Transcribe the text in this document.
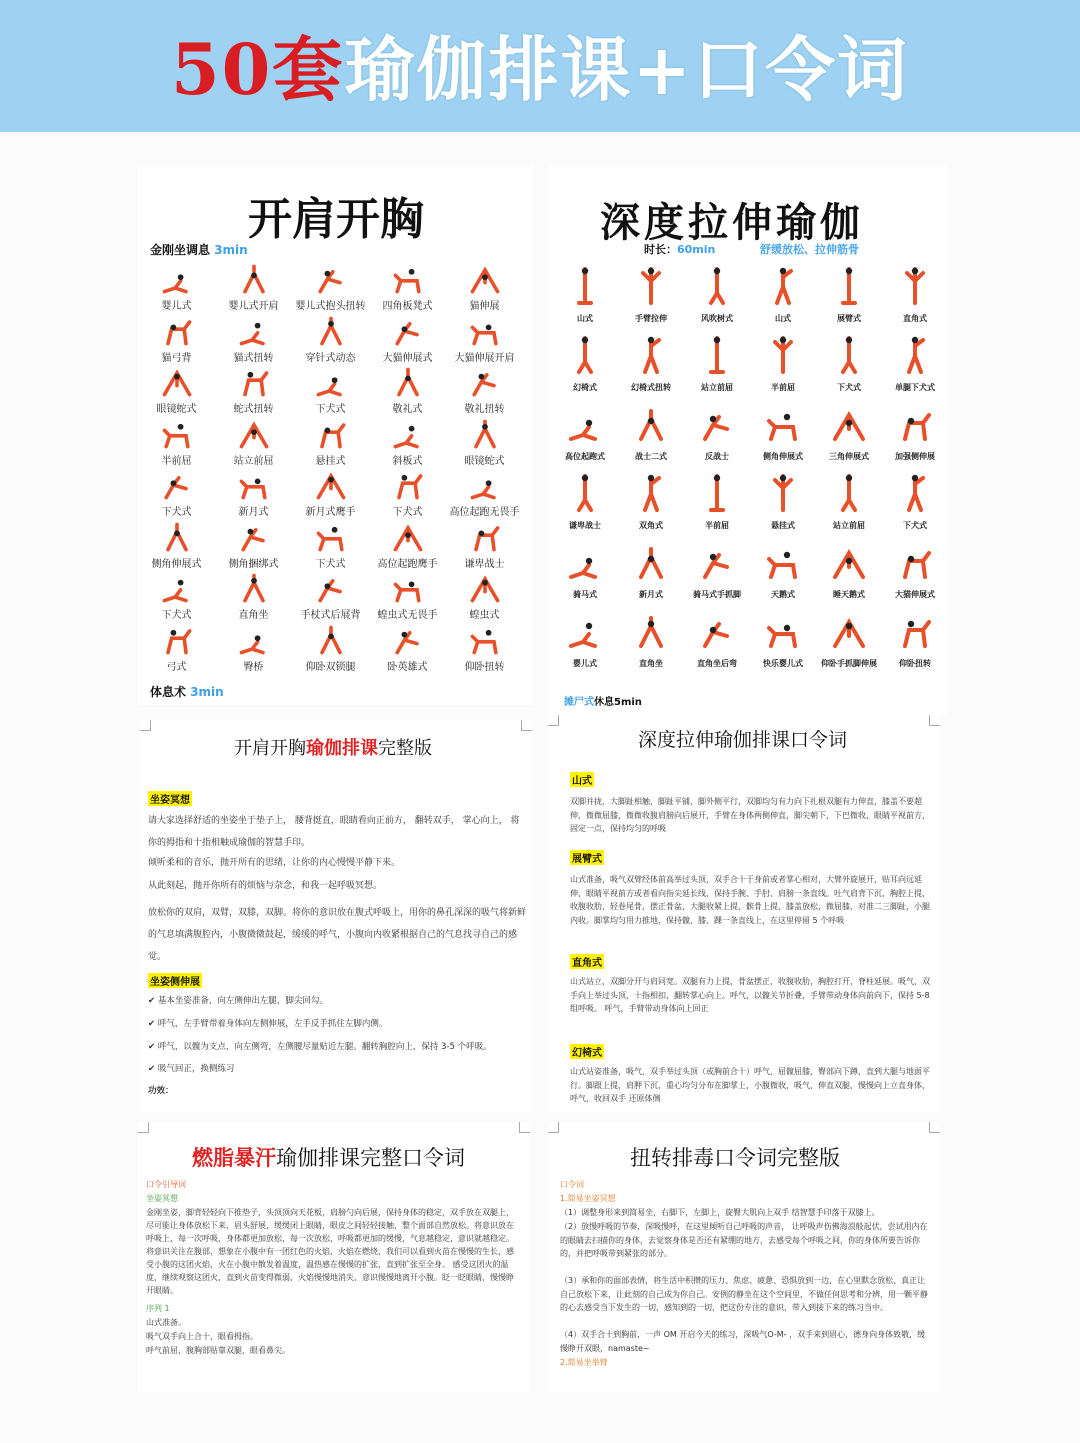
50套瑜伽排课+口令词
开肩开胸
金刚坐调息 3min
婴儿式	婴儿式开肩	婴儿式抱头扭转	四角板凳式	猫伸展
猫弓背	猫式扭转	穿针式动态	大猫伸展式	大猫伸展开肩
眼镜蛇式	蛇式扭转	下犬式	敬礼式	敬礼扭转
半前屈	站立前屈	悬挂式	斜板式	眼镜蛇式
下犬式	新月式	新月式鹰手	下犬式	高位起跑无畏手
侧角伸展式	侧角捆绑式	下犬式	高位起跑鹰手	谦卑战士
下犬式	直角坐	手杖式后展背	蝗虫式无畏手	蝗虫式
弓式	臀桥	仰卧双锁腿	卧英雄式	仰卧扭转
体息术 3min
深度拉伸瑜伽
时长：60min	舒缓放松、拉伸筋骨
山式	手臂拉伸	风吹树式	山式	展臂式	直角式
幻椅式	幻椅式扭转	站立前屈	半前屈	下犬式	单腿下犬式
高位起跑式	战士二式	反战士	侧角伸展式	三角伸展式	加强侧伸展
谦卑战士	双角式	半前屈	悬挂式	站立前屈	下犬式
骑马式	新月式	骑马式手抓脚	天鹅式	睡天鹅式	大猫伸展式
婴儿式	直角坐	直角坐后弯	快乐婴儿式	仰卧手抓脚伸展	仰卧扭转
摊尸式休息5min
开肩开胸瑜伽排课完整版
坐姿冥想
请大家选择舒适的坐姿坐于垫子上， 腰背挺直，眼睛看向正前方， 翻转双手， 掌心向上， 将你的拇指和十指相触成瑜伽的智慧手印。
倾听柔和的音乐，抛开所有的思绪，让你的内心慢慢平静下来。
从此刻起，抛开你所有的烦恼与杂念，和我一起呼吸冥想。
放松你的双肩，双臂，双膝，双脚。将你的意识放在腹式呼吸上，用你的鼻孔深深的吸气将新鲜的气息填满腹腔内，小腹微微鼓起，缓缓的呼气，小腹向内收紧根据自己的气息找寻自己的感觉。
坐姿侧伸展
✔ 基本坐姿准备，向左侧伸出左腿，脚尖回勾。
✔ 呼气，左手臂带着身体向左侧伸展，左手反手抓住左脚内侧。
✔ 呼气，以髋为支点，向左侧弯，左侧腰尽量贴近左腿。翻转胸腔向上，保持 3-5 个呼吸。
✔ 吸气回正，换侧练习
功效：
深度拉伸瑜伽排课口令词
山式
双脚并拢，大脚趾相触，脚趾平铺，脚外侧平行，双脚均匀有力向下扎根双腿有力伸直，膝盖不要超伸，微微屈膝，微微收腹肩膀向后展开，手臂在身体两侧伸直，脚尖朝下，下巴微收，眼睛平视前方，固定一点，保持均匀的呼吸
展臂式
山式准备，吸气双臂经体前高举过头顶，双手合十于身前或者掌心相对，大臂外旋展开，贴耳向远延伸，眼睛平视前方或者看向指尖延长线，保持手腕、手肘、肩膀一条直线。吐气肩背下沉，胸腔上提，收腹收肋，轻卷尾骨，摆正骨盆，大腿收紧上提，髌骨上提，膝盖放松，微屈膝，对准二三脚趾，小腿内收。脚掌均匀用力推地，保持髋、膝、踝一条直线上，在这里停留 5 个呼吸
直角式
山式站立，双脚分开与肩同宽。双腿有力上提，骨盆摆正，收腹收肋，胸腔打开，脊柱延展。吸气，双手向上举过头顶，十指相扣，翻转掌心向上。呼气，以髋关节折叠，手臂带动身体向前向下，保持 5-8 组呼吸。 呼气，手臂带动身体向上回正
幻椅式
山式站姿准备，吸气，双手举过头顶（或胸前合十）呼气，屈髋屈膝，臀部向下蹲，直到大腿与地面平行。脚跟上提，肩胛下沉，重心均匀分布在脚掌上，小腹微收，吸气，伸直双腿，慢慢向上立直身体，呼气，收回双手 还原体侧
燃脂暴汗瑜伽排课完整口令词
口令引导词
坐姿冥想
金刚坐姿，脚背轻轻向下推垫子，头顶顶向天花板，肩膀勺向后展，保持身体的稳定，双手放在双腿上，尽可能让身体放松下来，眉头舒展，缓缓闭上眼睛，眼皮之间轻轻接触，整个面部自然放松。将意识放在呼吸上，每一次呼吸，身体都更加放松，每一次放松，呼吸都更加的缓慢，气息越稳定，意识就越稳定。将意识关注在腹部，想象在小腹中有一团红色的火焰，火焰在燃烧，我们可以看到火苗在慢慢的生长，感受小腹的这团火焰，火在小腹中散发着温度，温热感在慢慢的扩张，直到扩张至全身。 感受这团火的温度，继续观察这团火，直到火苗变得微弱，火焰慢慢地消失，意识慢慢地离开小腹。眨一眨眼睛，慢慢睁开眼睛。
序列 1
山式准备。
吸气双手向上合十，眼看拇指。
呼气前屈，腹胸部贴靠双腿，眼看鼻尖。
扭转排毒口令词完整版
口令词
1.简易坐姿冥想
（1）调整身形来到简易坐，右脚下，左脚上，旋臀大肌向上双手 结智慧手印落于双膝上。
（2）放慢呼吸的节奏，深吸慢呼，在这里倾听自己呼吸的声音， 让呼吸声伤佛海浪般起伏，尝试用内在的眼睛去扫描你的身体，去觉察身体是否还有紧绷的地方，去感受每个呼吸之间，你的身体所要告诉你的，并把呼吸带到紧张的部分。
（3）承和你的面部表情，将生活中积攒的压力、焦虑、疲惫、恐惧放到一边，在心里默念放松、真正让自己放松下来，让此刻的自己成为你自己。安例的静坐在这个空间里，不做任何思考和分辨，用一颗平静的心去感受当下发生的一切，感知到的一切，把这份专注的意识，带入到接下来的练习当中。
（4）双手合十到胸前，一声 OM 开启今天的练习，深吸气O-M- ，双手来到眉心，德身向身体致敬，缓慢睁开双眼，namaste~
2.简易坐举臂
